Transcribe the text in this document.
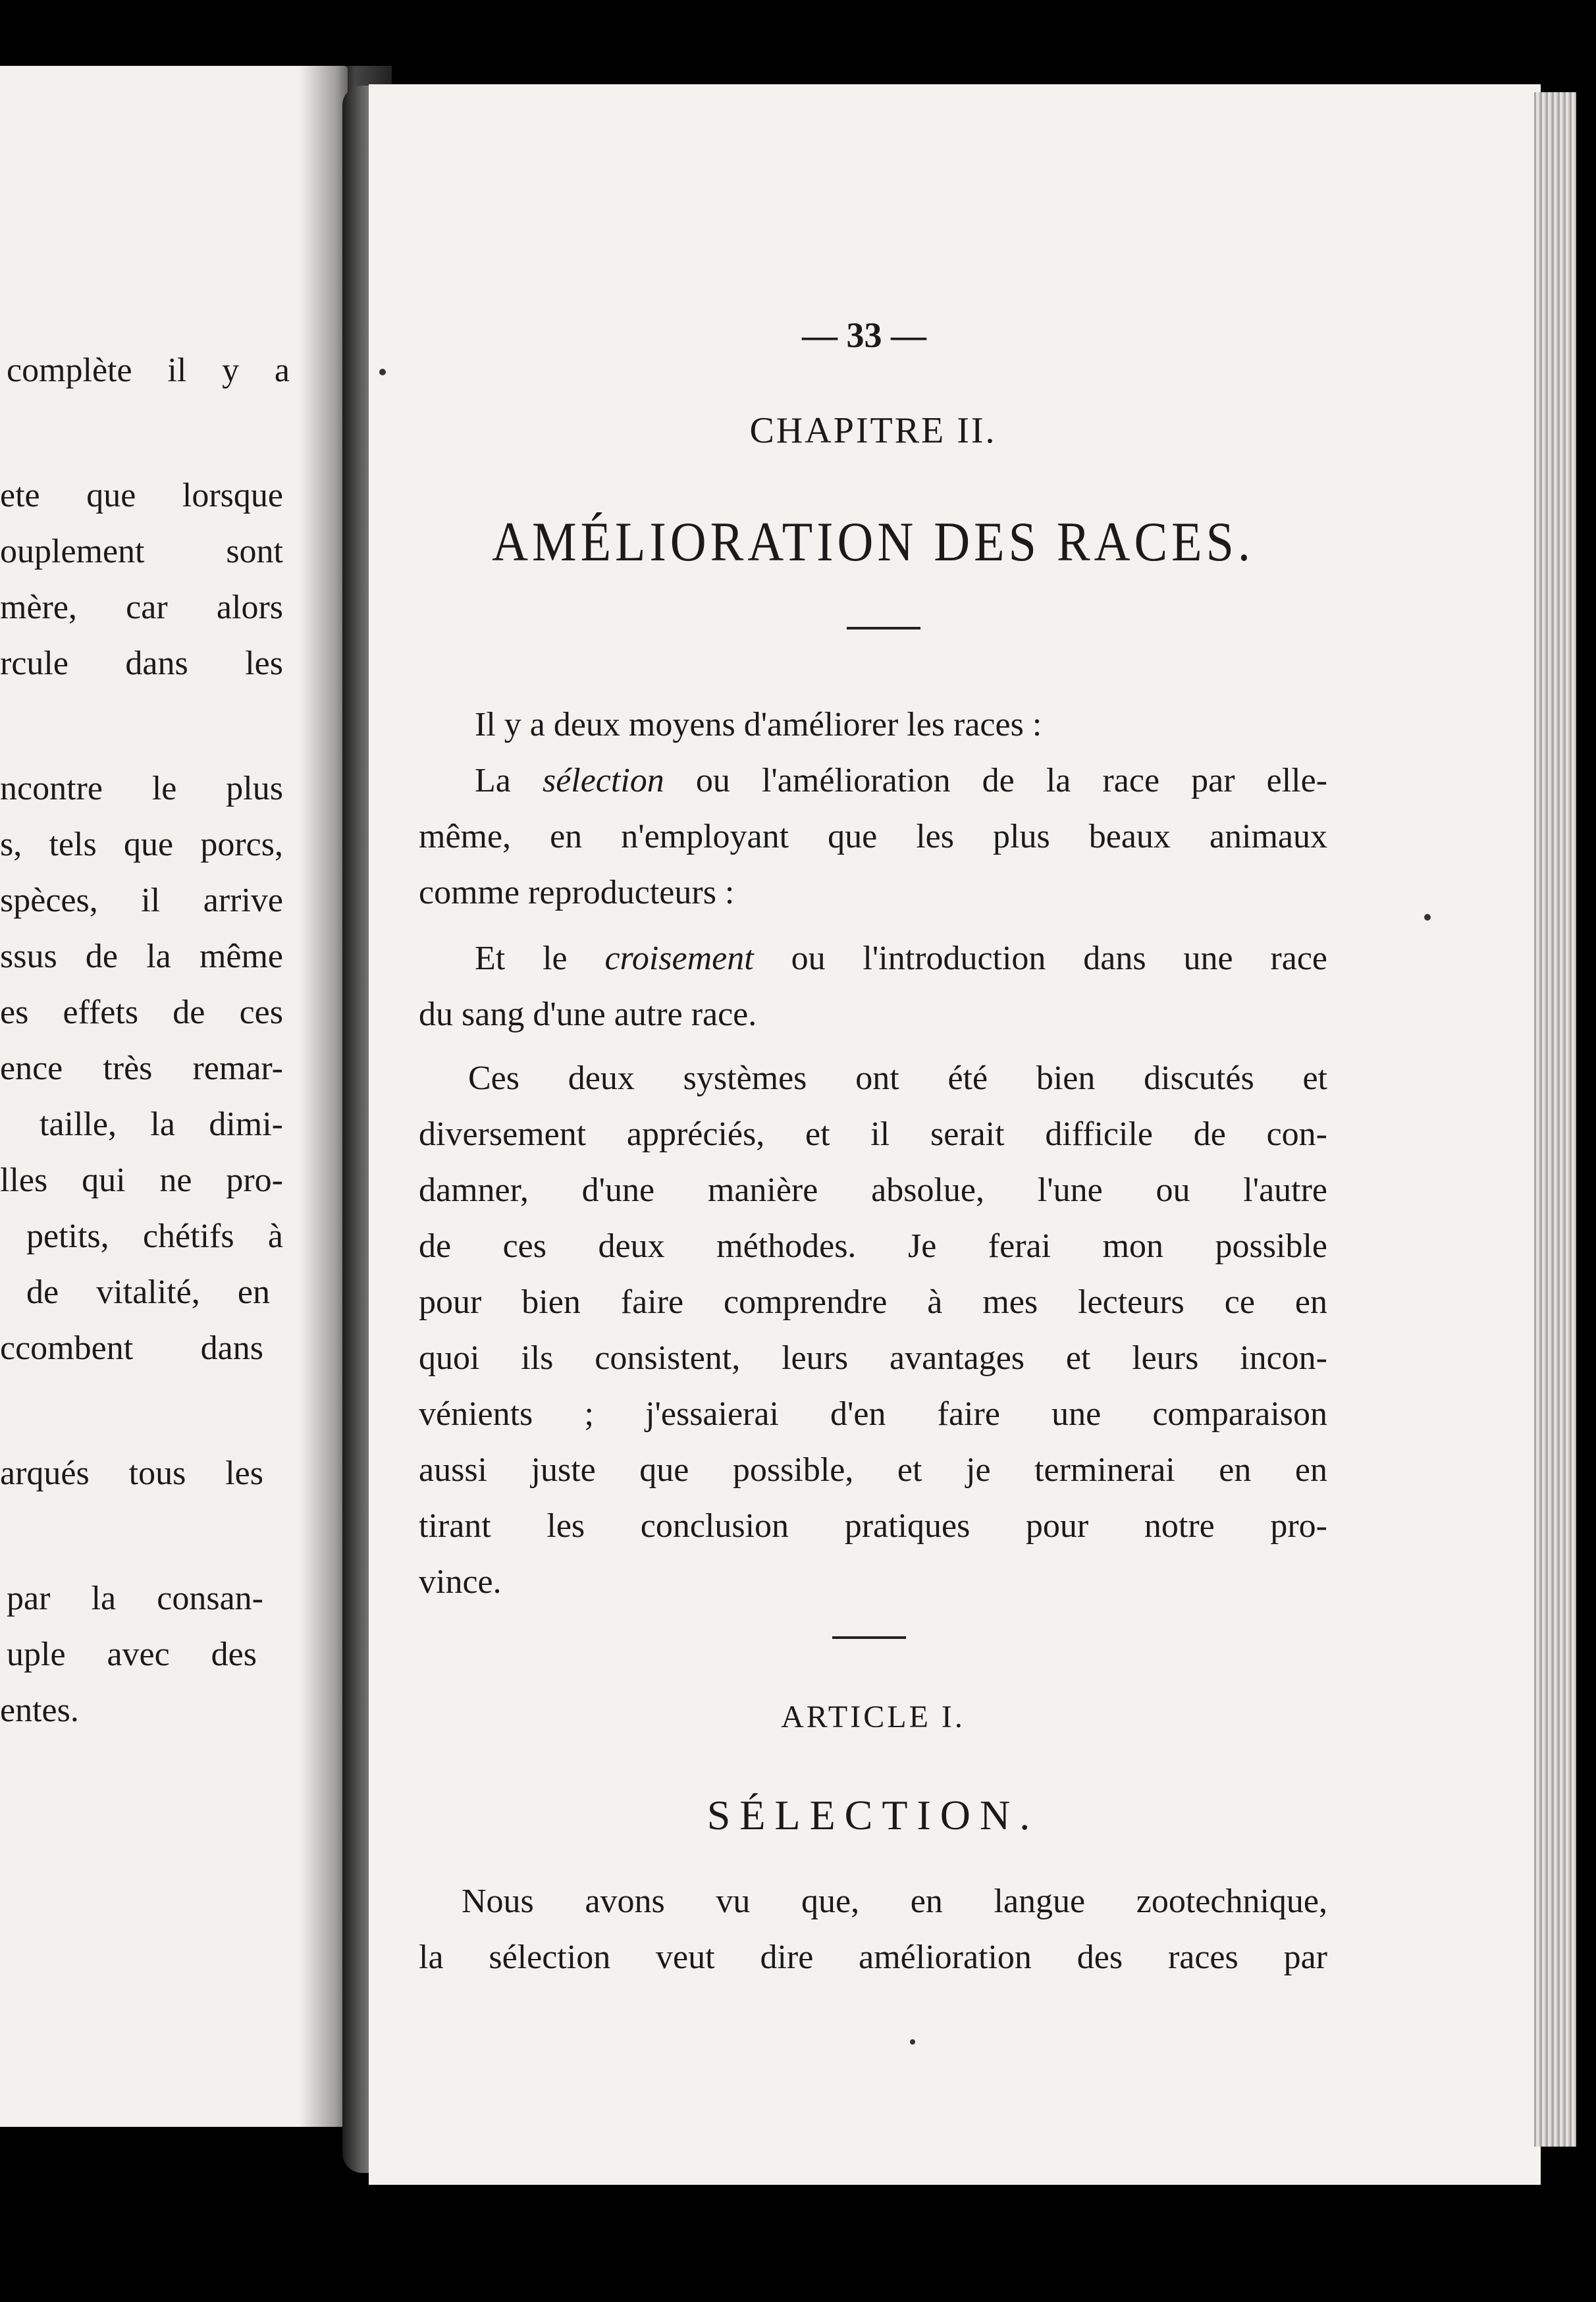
complète il y a
ete que lorsque
ouplement sont
mère, car alors
rcule dans les
ncontre le plus
s, tels que porcs,
spèces, il arrive
ssus de la même
es effets de ces
ence très remar-
taille, la dimi-
lles qui ne pro-
petits, chétifs à
de vitalité, en
ccombent dans
arqués tous les
par la consan-
uple avec des
entes.
— 33 —
CHAPITRE II.
AMÉLIORATION DES RACES.
Il y a deux moyens d'améliorer les races :
La sélection ou l'amélioration de la race par elle-
même, en n'employant que les plus beaux animaux
comme reproducteurs :
Et le croisement ou l'introduction dans une race
du sang d'une autre race.
Ces deux systèmes ont été bien discutés et
diversement appréciés, et il serait difficile de con-
damner, d'une manière absolue, l'une ou l'autre
de ces deux méthodes. Je ferai mon possible
pour bien faire comprendre à mes lecteurs ce en
quoi ils consistent, leurs avantages et leurs incon-
vénients ; j'essaierai d'en faire une comparaison
aussi juste que possible, et je terminerai en en
tirant les conclusion pratiques pour notre pro-
vince.
ARTICLE I.
SÉLECTION.
Nous avons vu que, en langue zootechnique,
la sélection veut dire amélioration des races par
